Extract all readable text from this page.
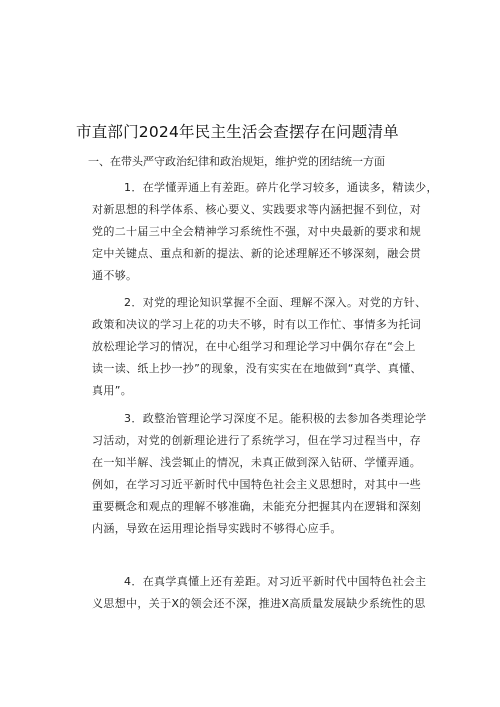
市直部门2024年民主生活会查摆存在问题清单
一、在带头严守政治纪律和政治规矩，维护党的团结统一方面
1．在学懂弄通上有差距。碎片化学习较多，通读多，精读少，
对新思想的科学体系、核心要义、实践要求等内涵把握不到位，对
党的二十届三中全会精神学习系统性不强，对中央最新的要求和规
定中关键点、重点和新的提法、新的论述理解还不够深刻，融会贯
通不够。
2．对党的理论知识掌握不全面、理解不深入。对党的方针、
政策和决议的学习上花的功夫不够，时有以工作忙、事情多为托词
放松理论学习的情况，在中心组学习和理论学习中偶尔存在“会上
读一读、纸上抄一抄”的现象，没有实实在在地做到“真学、真懂、
真用”。
3．政整治管理论学习深度不足。能积极的去参加各类理论学
习活动，对党的创新理论进行了系统学习，但在学习过程当中，存
在一知半解、浅尝辄止的情况，未真正做到深入钻研、学懂弄通。
例如，在学习习近平新时代中国特色社会主义思想时，对其中一些
重要概念和观点的理解不够准确，未能充分把握其内在逻辑和深刻
内涵，导致在运用理论指导实践时不够得心应手。
4．在真学真懂上还有差距。对习近平新时代中国特色社会主
义思想中，关于X的领会还不深，推进X高质量发展缺少系统性的思
